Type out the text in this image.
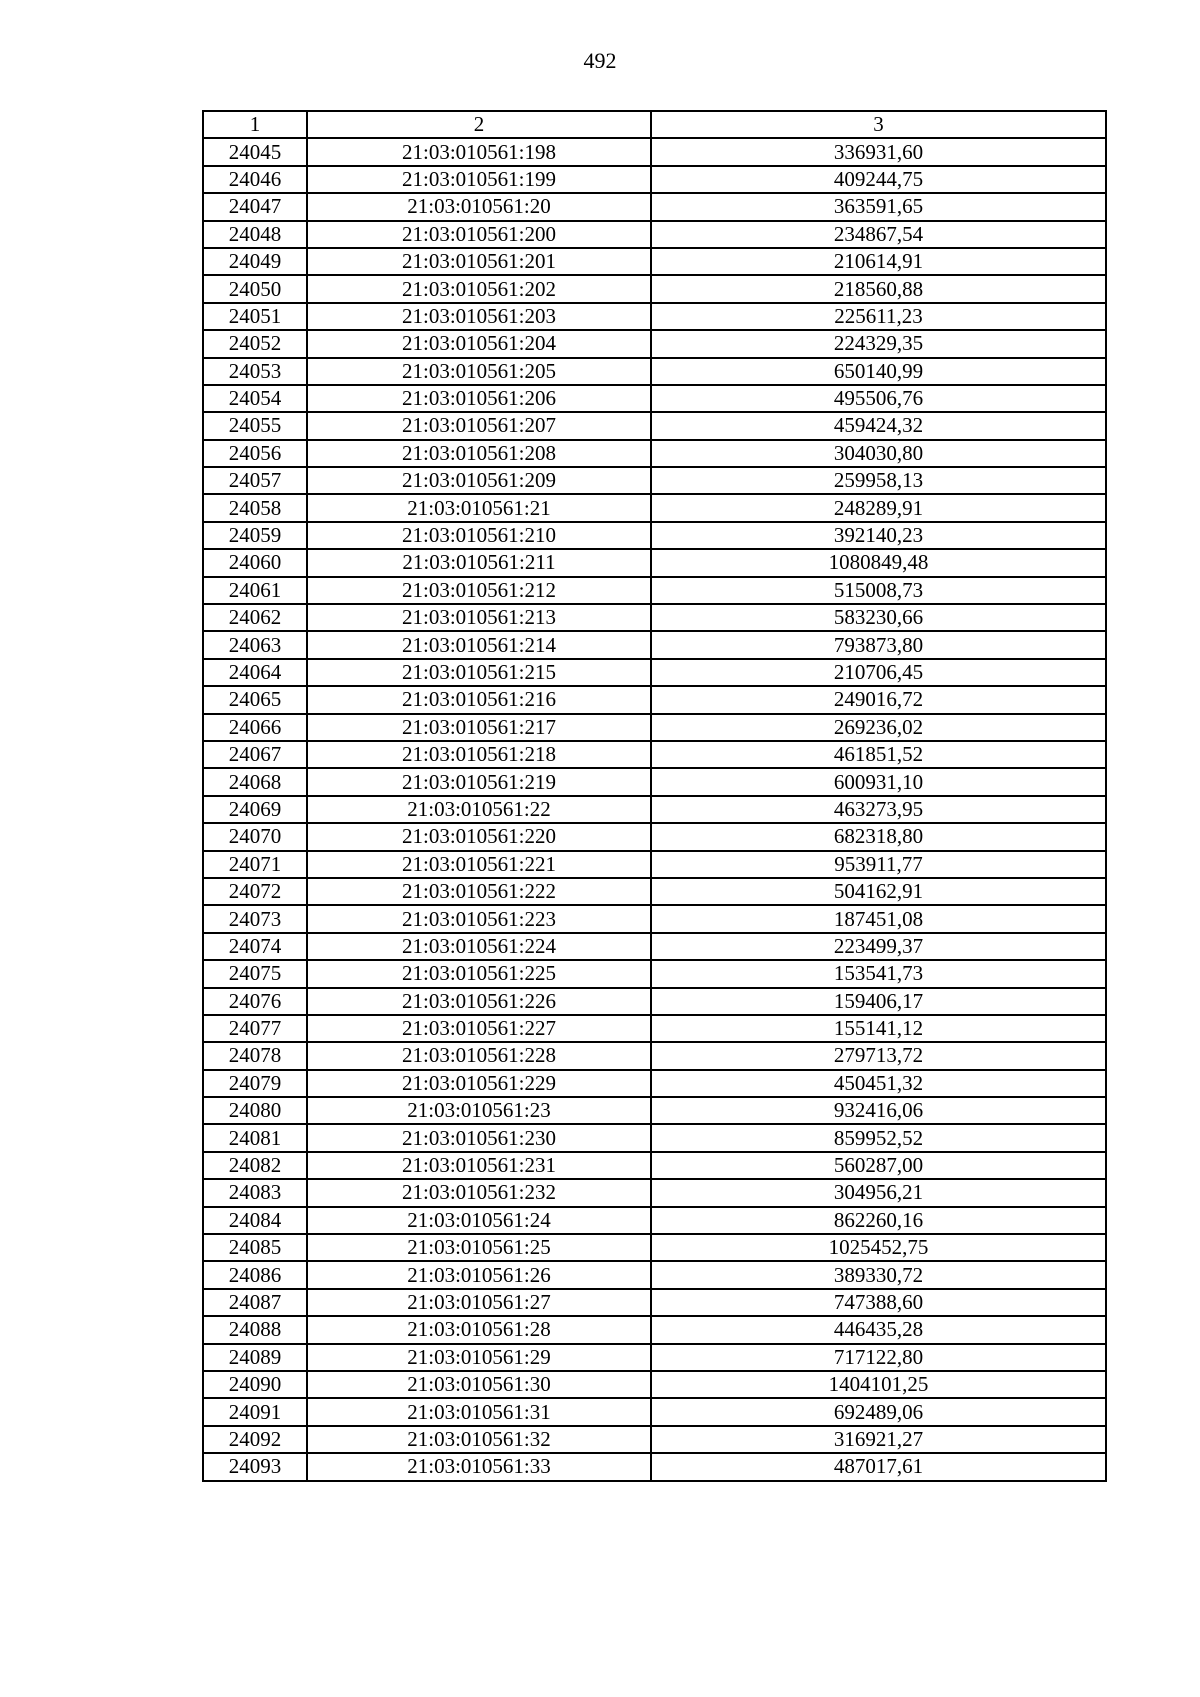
492
1	2	3
24045	21:03:010561:198	336931,60
24046	21:03:010561:199	409244,75
24047	21:03:010561:20	363591,65
24048	21:03:010561:200	234867,54
24049	21:03:010561:201	210614,91
24050	21:03:010561:202	218560,88
24051	21:03:010561:203	225611,23
24052	21:03:010561:204	224329,35
24053	21:03:010561:205	650140,99
24054	21:03:010561:206	495506,76
24055	21:03:010561:207	459424,32
24056	21:03:010561:208	304030,80
24057	21:03:010561:209	259958,13
24058	21:03:010561:21	248289,91
24059	21:03:010561:210	392140,23
24060	21:03:010561:211	1080849,48
24061	21:03:010561:212	515008,73
24062	21:03:010561:213	583230,66
24063	21:03:010561:214	793873,80
24064	21:03:010561:215	210706,45
24065	21:03:010561:216	249016,72
24066	21:03:010561:217	269236,02
24067	21:03:010561:218	461851,52
24068	21:03:010561:219	600931,10
24069	21:03:010561:22	463273,95
24070	21:03:010561:220	682318,80
24071	21:03:010561:221	953911,77
24072	21:03:010561:222	504162,91
24073	21:03:010561:223	187451,08
24074	21:03:010561:224	223499,37
24075	21:03:010561:225	153541,73
24076	21:03:010561:226	159406,17
24077	21:03:010561:227	155141,12
24078	21:03:010561:228	279713,72
24079	21:03:010561:229	450451,32
24080	21:03:010561:23	932416,06
24081	21:03:010561:230	859952,52
24082	21:03:010561:231	560287,00
24083	21:03:010561:232	304956,21
24084	21:03:010561:24	862260,16
24085	21:03:010561:25	1025452,75
24086	21:03:010561:26	389330,72
24087	21:03:010561:27	747388,60
24088	21:03:010561:28	446435,28
24089	21:03:010561:29	717122,80
24090	21:03:010561:30	1404101,25
24091	21:03:010561:31	692489,06
24092	21:03:010561:32	316921,27
24093	21:03:010561:33	487017,61
